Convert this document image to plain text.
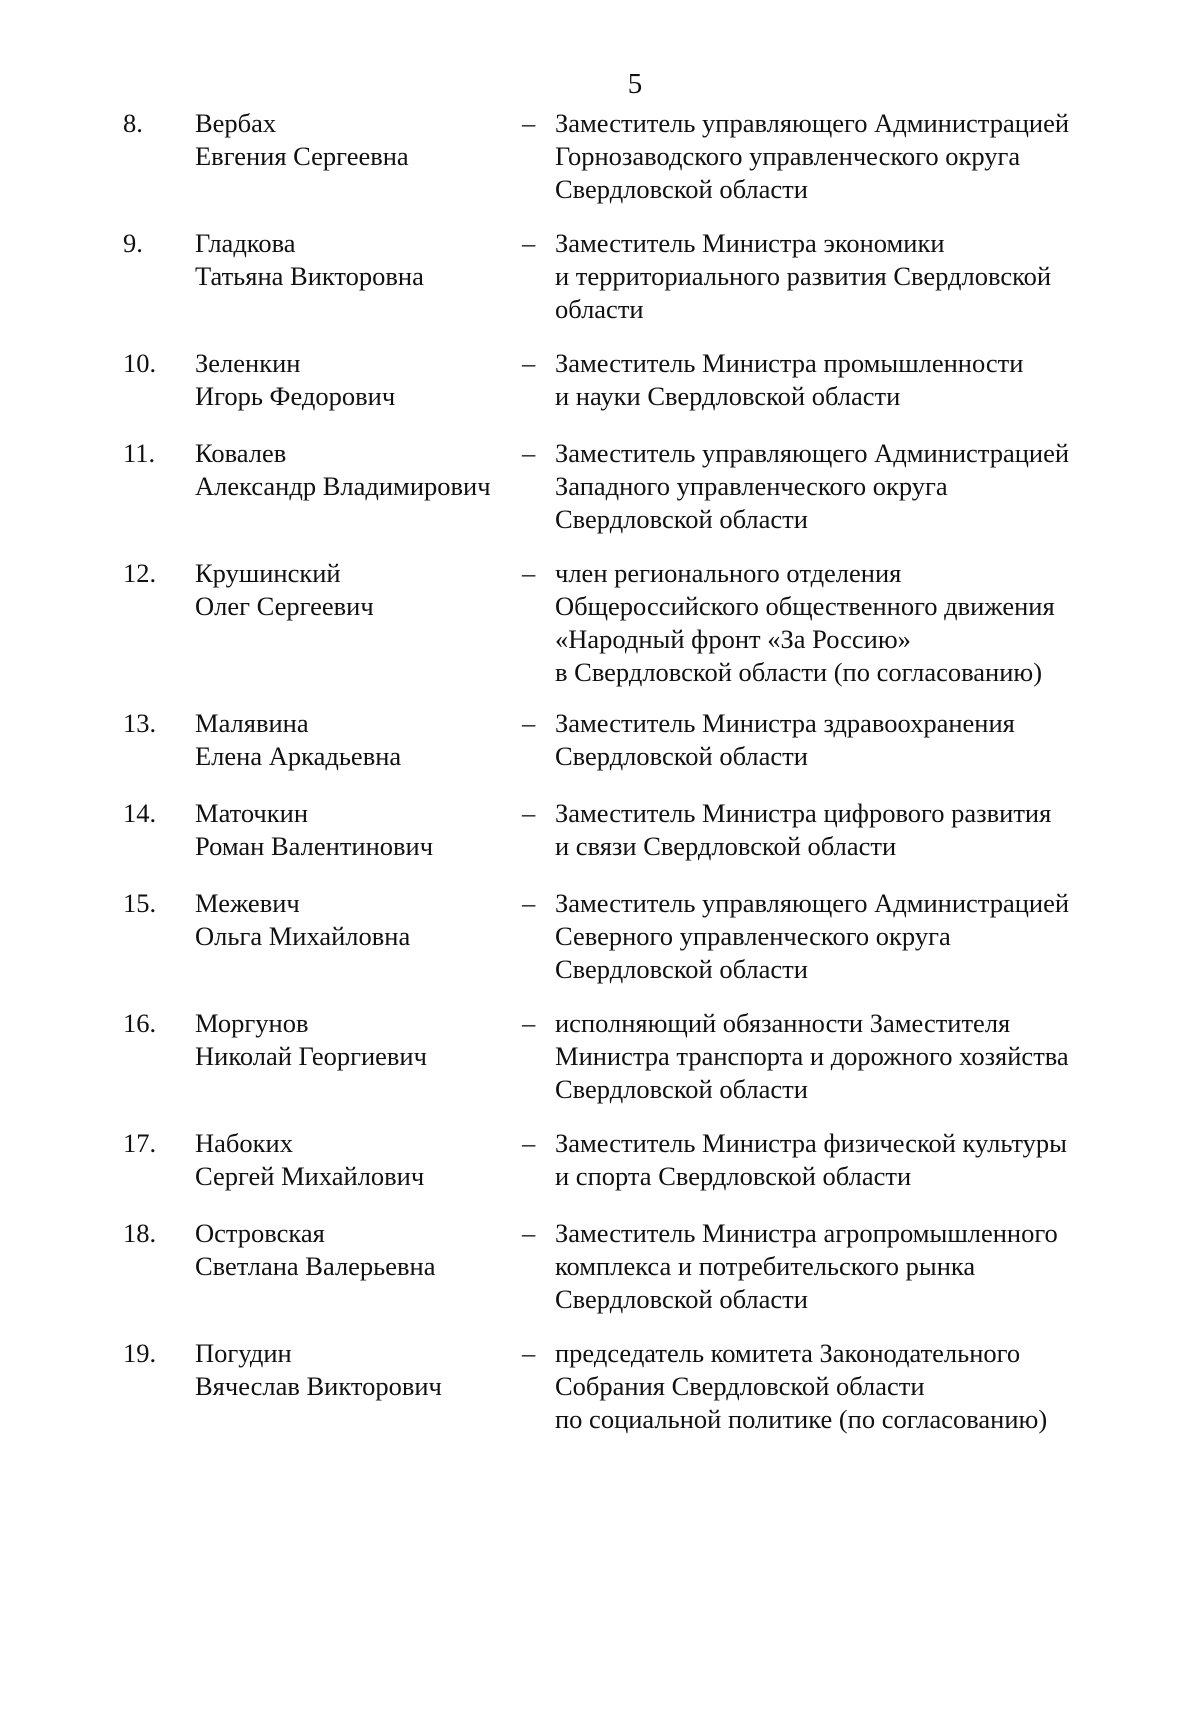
5
8.	Вербах
Евгения Сергеевна
– Заместитель управляющего Администрацией
Горнозаводского управленческого округа
Свердловской области
9.	Гладкова
Татьяна Викторовна
– Заместитель Министра экономики
и территориального развития Свердловской
области
10.	Зеленкин
Игорь Федорович
– Заместитель Министра промышленности
и науки Свердловской области
11.	Ковалев
Александр Владимирович
– Заместитель управляющего Администрацией
Западного управленческого округа
Свердловской области
12.	Крушинский
Олег Сергеевич
– член регионального отделения
Общероссийского общественного движения
«Народный фронт «За Россию»
в Свердловской области (по согласованию)
13.	Малявина
Елена Аркадьевна
– Заместитель Министра здравоохранения
Свердловской области
14.	Маточкин
Роман Валентинович
– Заместитель Министра цифрового развития
и связи Свердловской области
15.	Межевич
Ольга Михайловна
– Заместитель управляющего Администрацией
Северного управленческого округа
Свердловской области
16.	Моргунов
Николай Георгиевич
– исполняющий обязанности Заместителя
Министра транспорта и дорожного хозяйства
Свердловской области
17.	Набоких
Сергей Михайлович
– Заместитель Министра физической культуры
и спорта Свердловской области
18.	Островская
Светлана Валерьевна
– Заместитель Министра агропромышленного
комплекса и потребительского рынка
Свердловской области
19.	Погудин
Вячеслав Викторович
– председатель комитета Законодательного
Собрания Свердловской области
по социальной политике (по согласованию)
